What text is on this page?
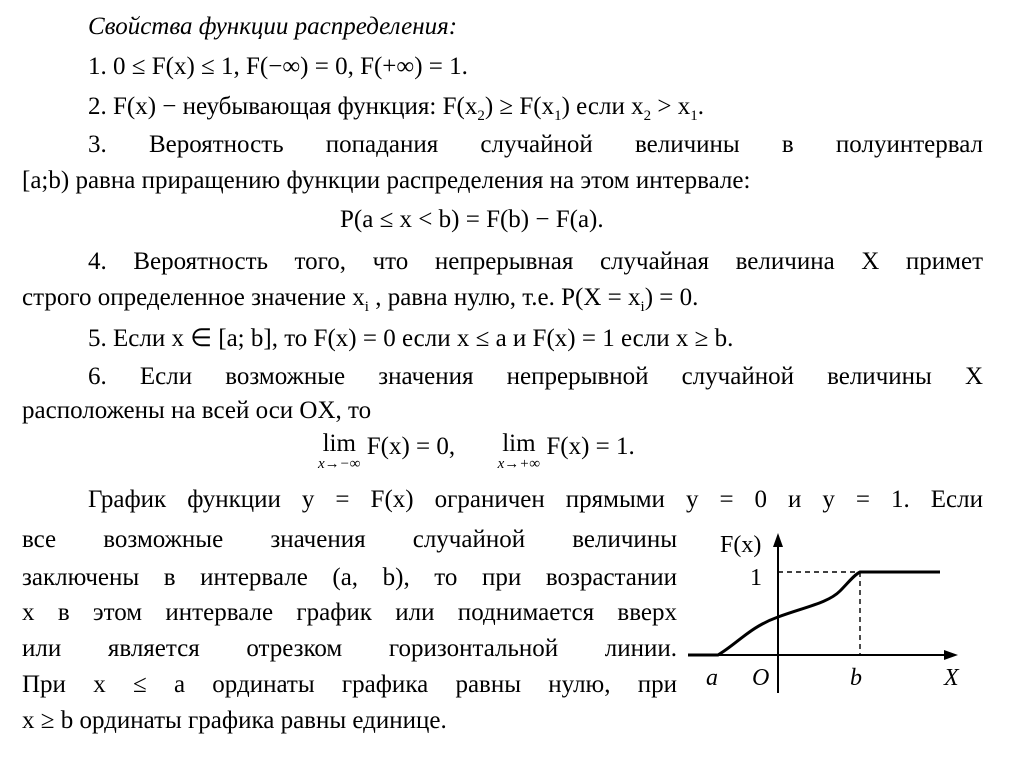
Свойства функции распределения:
1. 0 ≤ F(x) ≤ 1, F(−∞) = 0, F(+∞) = 1.
2. F(x) − неубывающая функция: $F(x_2) \ge F(x_1)$ если $x_2 > x_1$.
3. Вероятность попадания случайной величины в полуинтервал
[a;b) равна приращению функции распределения на этом интервале:
P(a ≤ x < b) = F(b) − F(a).
4. Вероятность того, что непрерывная случайная величина X примет
строго определенное значение $x_i$ , равна нулю, т.е. $P(X = x_i) = 0$.
5. Если x ∈ [a; b], то F(x) = 0 если x ≤ a и F(x) = 1 если x ≥ b.
6. Если возможные значения непрерывной случайной величины X
расположены на всей оси OX, то
lim
x→−∞
F(x) = 0, lim
x→+∞
F(x) = 1.
График функции y = F(x) ограничен прямыми y = 0 и y = 1. Если
все возможные значения случайной величины
заключены в интервале (a, b), то при возрастании
x в этом интервале график или поднимается вверх
или является отрезком горизонтальной линии.
При x ≤ a ординаты графика равны нулю, при
x ≥ b ординаты графика равны единице.
F(x)
1
a O	b	X
